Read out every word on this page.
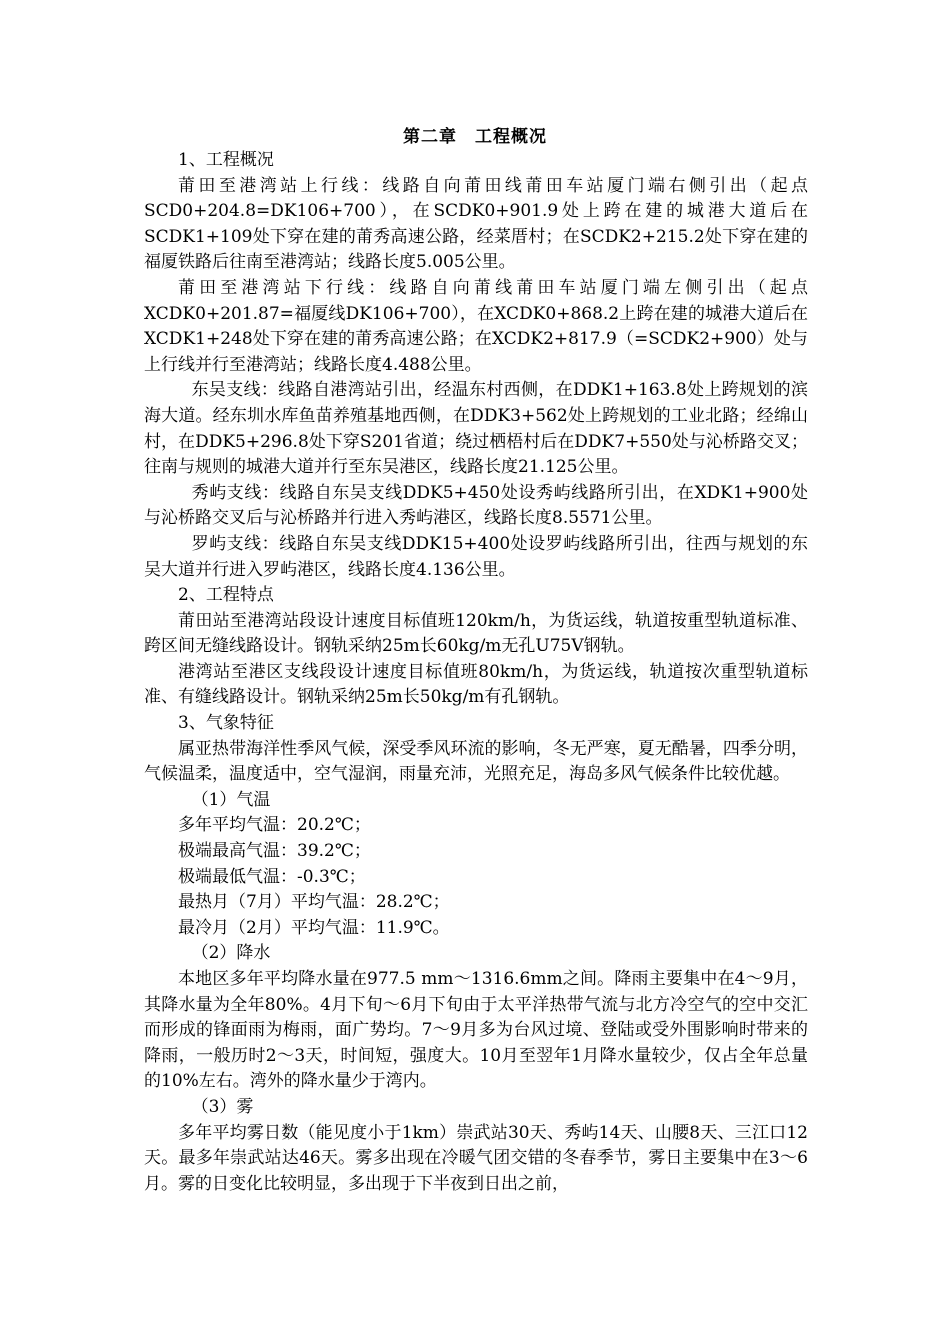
第二章　工程概况

1、工程概况

莆田至港湾站上行线：线路自向莆田线莆田车站厦门端右侧引出（起点SCD0+204.8=DK106+700），在SCDK0+901.9处上跨在建的城港大道后在SCDK1+109处下穿在建的莆秀高速公路，经菜厝村；在SCDK2+215.2处下穿在建的福厦铁路后往南至港湾站；线路长度5.005公里。

莆田至港湾站下行线：线路自向莆线莆田车站厦门端左侧引出（起点XCDK0+201.87=福厦线DK106+700），在XCDK0+868.2上跨在建的城港大道后在XCDK1+248处下穿在建的莆秀高速公路；在XCDK2+817.9（=SCDK2+900）处与上行线并行至港湾站；线路长度4.488公里。

东吴支线：线路自港湾站引出，经温东村西侧，在DDK1+163.8处上跨规划的滨海大道。经东圳水库鱼苗养殖基地西侧，在DDK3+562处上跨规划的工业北路；经绵山村，在DDK5+296.8处下穿S201省道；绕过栖梧村后在DDK7+550处与沁桥路交叉；往南与规则的城港大道并行至东吴港区，线路长度21.125公里。

秀屿支线：线路自东吴支线DDK5+450处设秀屿线路所引出，在XDK1+900处与沁桥路交叉后与沁桥路并行进入秀屿港区，线路长度8.5571公里。

罗屿支线：线路自东吴支线DDK15+400处设罗屿线路所引出，往西与规划的东吴大道并行进入罗屿港区，线路长度4.136公里。

2、工程特点

莆田站至港湾站段设计速度目标值班120km/h，为货运线，轨道按重型轨道标准、跨区间无缝线路设计。钢轨采纳25m长60kg/m无孔U75V钢轨。

港湾站至港区支线段设计速度目标值班80km/h，为货运线，轨道按次重型轨道标准、有缝线路设计。钢轨采纳25m长50kg/m有孔钢轨。

3、气象特征

属亚热带海洋性季风气候，深受季风环流的影响，冬无严寒，夏无酷暑，四季分明，气候温柔，温度适中，空气湿润，雨量充沛，光照充足，海岛多风气候条件比较优越。

（1）气温

多年平均气温：20.2℃；

极端最高气温：39.2℃；

极端最低气温：-0.3℃；

最热月（7月）平均气温：28.2℃；

最冷月（2月）平均气温：11.9℃。

（2）降水

本地区多年平均降水量在977.5 mm～1316.6mm之间。降雨主要集中在4～9月，其降水量为全年80%。4月下旬～6月下旬由于太平洋热带气流与北方冷空气的空中交汇而形成的锋面雨为梅雨，面广势均。7～9月多为台风过境、登陆或受外围影响时带来的降雨，一般历时2～3天，时间短，强度大。10月至翌年1月降水量较少，仅占全年总量的10%左右。湾外的降水量少于湾内。

（3）雾

多年平均雾日数（能见度小于1km）崇武站30天、秀屿14天、山腰8天、三江口12天。最多年崇武站达46天。雾多出现在冷暖气团交错的冬春季节，雾日主要集中在3～6月。雾的日变化比较明显，多出现于下半夜到日出之前，
